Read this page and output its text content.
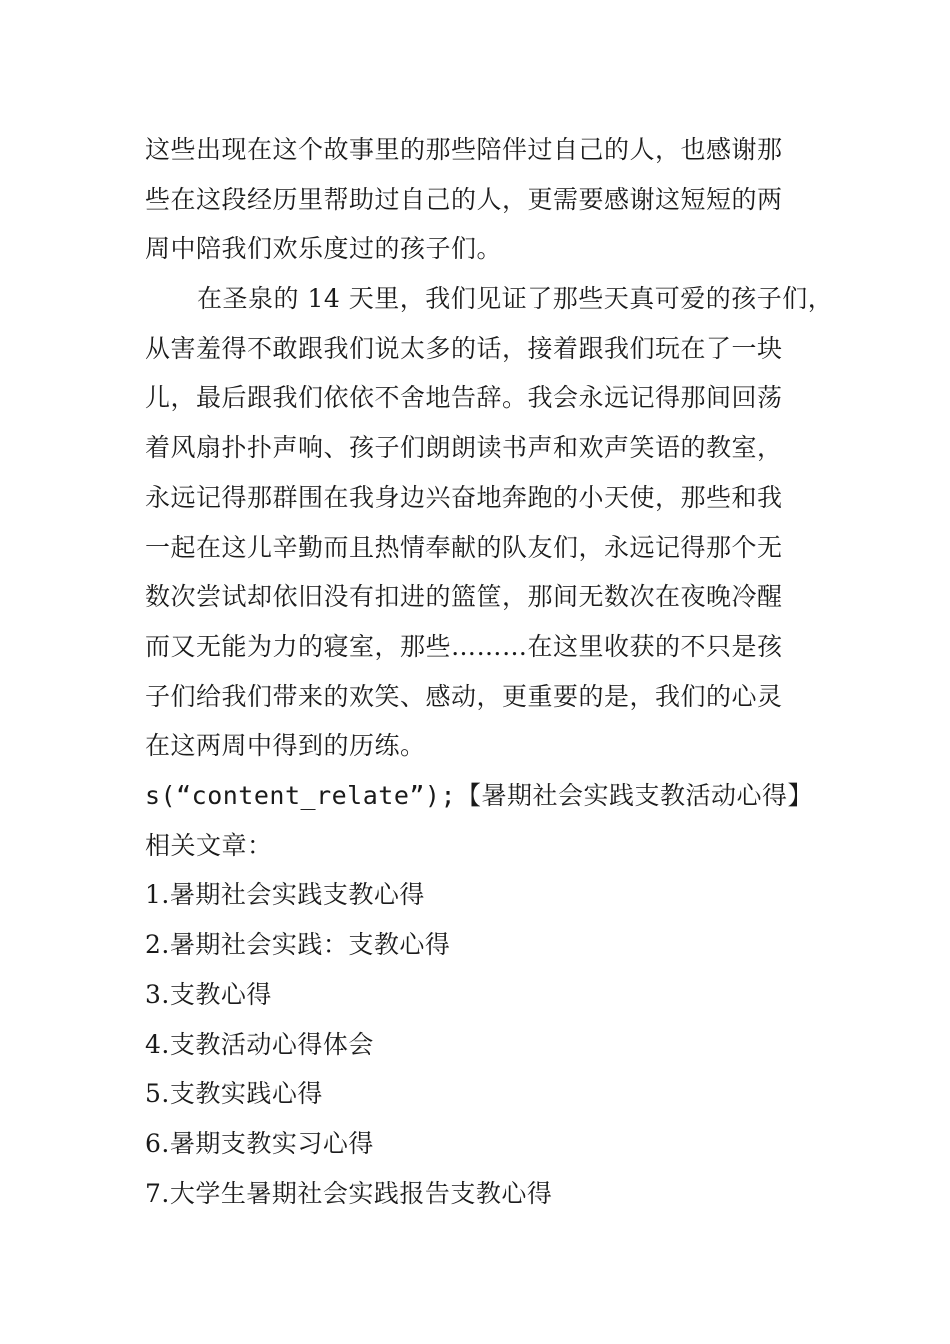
这些出现在这个故事里的那些陪伴过自己的人，也感谢那
些在这段经历里帮助过自己的人，更需要感谢这短短的两
周中陪我们欢乐度过的孩子们。
在圣泉的 14 天里，我们见证了那些天真可爱的孩子们，
从害羞得不敢跟我们说太多的话，接着跟我们玩在了一块
儿，最后跟我们依依不舍地告辞。我会永远记得那间回荡
着风扇扑扑声响、孩子们朗朗读书声和欢声笑语的教室，
永远记得那群围在我身边兴奋地奔跑的小天使，那些和我
一起在这儿辛勤而且热情奉献的队友们，永远记得那个无
数次尝试却依旧没有扣进的篮筐，那间无数次在夜晚冷醒
而又无能为力的寝室，那些………在这里收获的不只是孩
子们给我们带来的欢笑、感动，更重要的是，我们的心灵
在这两周中得到的历练。
s(“content_relate”);【暑期社会实践支教活动心得】
相关文章：
1.暑期社会实践支教心得
2.暑期社会实践：支教心得
3.支教心得
4.支教活动心得体会
5.支教实践心得
6.暑期支教实习心得
7.大学生暑期社会实践报告支教心得
